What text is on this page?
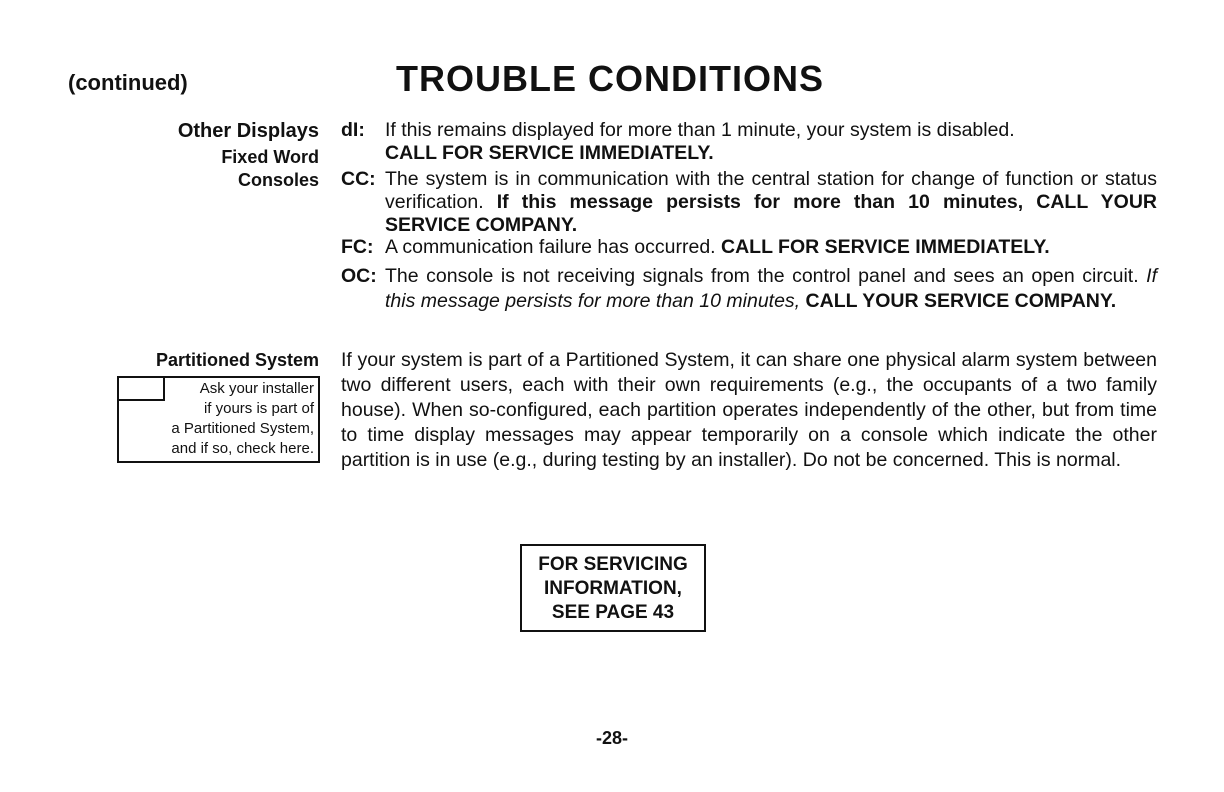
(continued)	TROUBLE CONDITIONS
Other Displays
Fixed Word
Consoles
dI:	If this remains displayed for more than 1 minute, your system is disabled.
CALL FOR SERVICE IMMEDIATELY.
CC: The system is in communication with the central station for change of function or status verification. If this message persists for more than 10 minutes, CALL YOUR SERVICE COMPANY.
FC: A communication failure has occurred. CALL FOR SERVICE IMMEDIATELY.
OC: The console is not receiving signals from the control panel and sees an open circuit. If this message persists for more than 10 minutes, CALL YOUR SERVICE COMPANY.
Partitioned System If your system is part of a Partitioned System, it can share one physical alarm system between two different users, each with their own requirements (e.g., the occupants of a two family house). When so-configured, each partition operates independently of the other, but from time to time display messages may appear temporarily on a console which indicate the other partition is in use (e.g., during testing by an installer). Do not be concerned. This is normal.
Ask your installer
if yours is part of
a Partitioned System,
and if so, check here.
FOR SERVICING
INFORMATION,
SEE PAGE 43
-28-
